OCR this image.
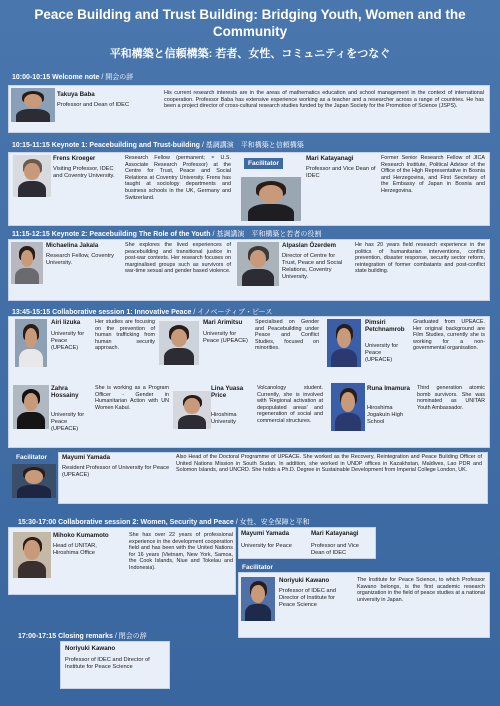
Peace Building and Trust Building: Bridging Youth, Women and the Community
平和構築と信頼構築: 若者、女性、コミュニティをつなぐ
10:00-10:15 Welcome note / 開会の辞
Takuya Baba
Professor and Dean of IDEC
His current research interests are in the areas of mathematics education and school management in the context of international cooperation. Professor Baba has extensive experience working as a teacher and a researcher across a range of countries. He has been a project director of cross-cultural research studies funded by the Japan Society for the Promotion of Science (JSPS).
10:15-11:15 Keynote 1: Peacebuilding and Trust-building / 基調講演　平和構築と信頼構築
Frens Kroeger
Visiting Professor, IDEC and Coventry University.
Research Fellow (permanent; ≈ U.S. Associate Research Professor) at the Centre for Trust, Peace and Social Relations at Coventry University. Frens has taught at sociology departments and business schools in the UK, Germany and Switzerland.
Mari Katayanagi
Professor and Vice Dean of IDEC
Former Senior Research Fellow of JICA Research Institute, Political Advisor of the Office of the High Representative in Bosnia and Herzegovina, and First Secretary of the Embassy of Japan in Bosnia and Herzegovina.
Facilitator
11:15-12:15 Keynote 2: Peacebuilding The Role of the Youth / 基調講演　平和構築と若者の役割
Michaelina Jakala
Research Fellow, Coventry University.
She explores the lived experiences of peacebuilding and transitional justice in post-war contexts. Her research focuses on marginalised groups such as survivors of war-time sexual and gender based violence.
Alpaslan Özerdem
Director of Centre for Trust, Peace and Social Relations, Coventry University.
He has 20 years field research experience in the politics of humanitarian interventions, conflict prevention, disaster response, security sector reform, reintegration of former combatants and post-conflict state building.
13:45-15:15 Collaborative session 1: Innovative Peace / イノベーティブ・ピース
Airi Iizuka
University for Peace (UPEACE)
Her studies are focusing on the prevention of human trafficking from human security approach.
Mari Arimitsu
University for Peace (UPEACE)
Specialised on Gender and Peacebuilding under Peace and Conflict Studies, focused on minorities.
Pimsiri Petchnamrob
University for Peace (UPEACE)
Graduated from UPEACE. Her original background are Film Studies, currently she is working for a non-governmental organisation.
Zahra Hossainy
University for Peace (UPEACE)
She is working as a Program Officer - Gender in Humanitarian Action with UN Women Kabul.
Lina Yuasa Price
Hiroshima University
Volcanology student. Currently, she is involved with 'Regional activation at depopulated areas' and regeneration of social and commercial structures.
Runa Imamura
Hiroshima Jogakuin High School
Third generation atomic bomb survivors. She was nominated as UNITAR Youth Ambassador.
Facilitator	Mayumi Yamada
Resident Professor of University for Peace (UPEACE)
Also Head of the Doctoral Programme of UPEACE. She worked as the Recovery, Reintegration and Peace Building Officer of United Nations Mission in South Sudan. In addition, she worked in UNDP offices in Kazakhstan, Maldives, Lao PDR and Solomon Islands, and UNCRD. She holds a Ph.D. Degree in Sustainable Development from Imperial College London, UK.
15:30-17:00 Collaborative session 2: Women, Security and Peace / 女性、安全保障と平和
Mihoko Kumamoto
Head of UNITAR, Hiroshima Office
She has over 22 years of professional experience in the development cooperation field and has been with the United Nations for 16 years (Vietnam, New York, Samoa, the Cook Islands, Niue and Tokelau and Indonesia).
Mayumi Yamada
University for Peace
Mari Katayanagi
Professor and Vice Dean of IDEC
Facilitator
Noriyuki Kawano
Professor of IDEC and Director of Institute for Peace Science
The Institute for Peace Science, to which Professor Kawano belongs, is the first academic research organization in the field of peace studies at a national university in Japan.
17:00-17:15 Closing remarks / 閉会の辞
Noriyuki Kawano
Professor of IDEC and Director of Institute for Peace Science
